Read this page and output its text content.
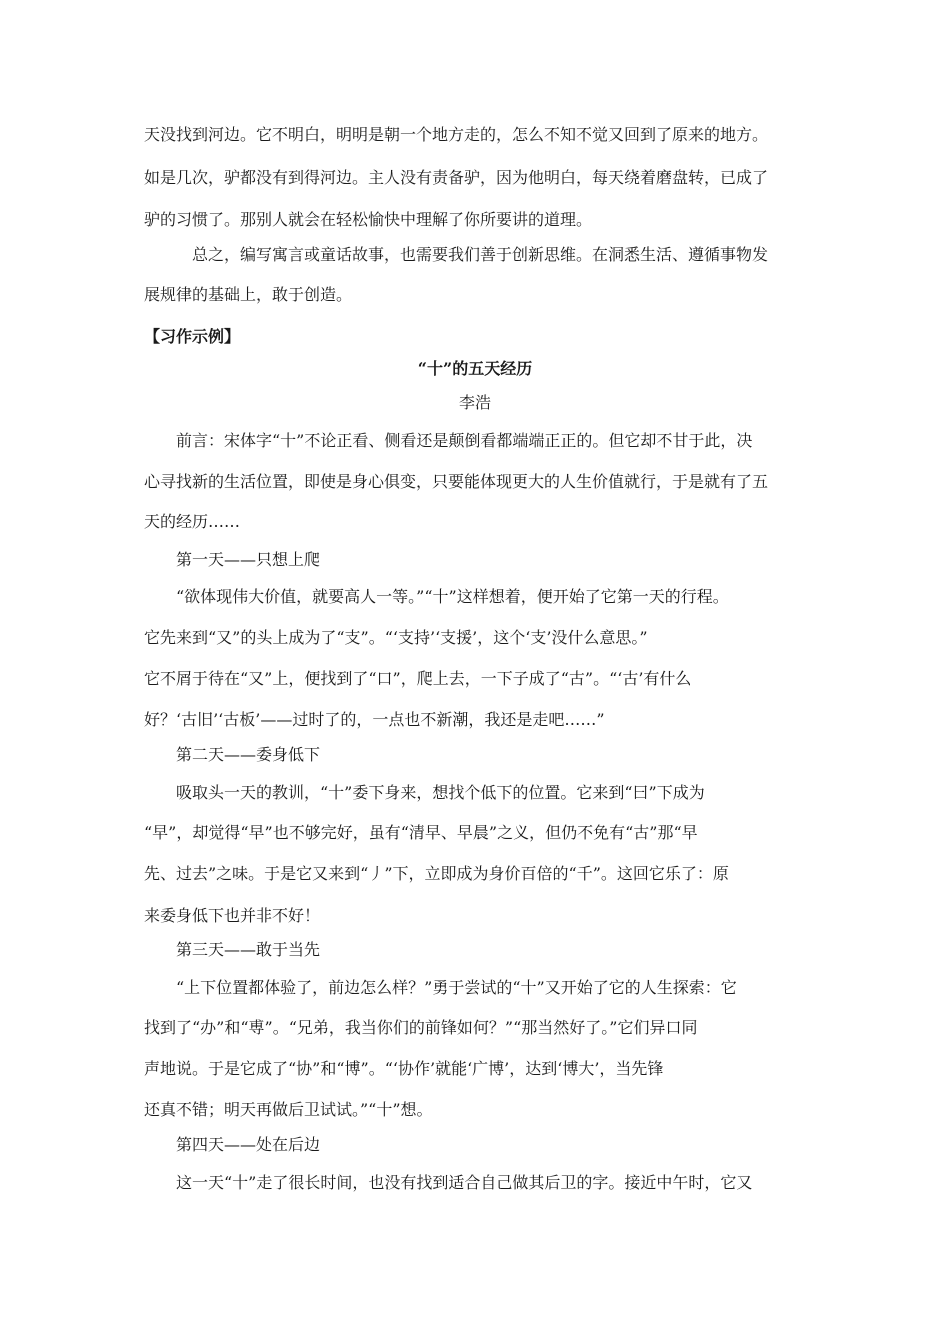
天没找到河边。它不明白，明明是朝一个地方走的，怎么不知不觉又回到了原来的地方。
如是几次，驴都没有到得河边。主人没有责备驴，因为他明白，每天绕着磨盘转，已成了
驴的习惯了。那别人就会在轻松愉快中理解了你所要讲的道理。
总之，编写寓言或童话故事，也需要我们善于创新思维。在洞悉生活、遵循事物发
展规律的基础上，敢于创造。
【习作示例】
“十”的五天经历
李浩
前言：宋体字“十”不论正看、侧看还是颠倒看都端端正正的。但它却不甘于此，决
心寻找新的生活位置，即使是身心俱变，只要能体现更大的人生价值就行，于是就有了五
天的经历……
第一天——只想上爬
“欲体现伟大价值，就要高人一等。”“十”这样想着，便开始了它第一天的行程。
它先来到“又”的头上成为了“支”。“‘支持’‘支援’，这个‘支’没什么意思。”
它不屑于待在“又”上，便找到了“口”，爬上去，一下子成了“古”。“‘古’有什么
好？‘古旧’‘古板’——过时了的，一点也不新潮，我还是走吧……”
第二天——委身低下
吸取头一天的教训，“十”委下身来，想找个低下的位置。它来到“曰”下成为
“早”，却觉得“早”也不够完好，虽有“清早、早晨”之义，但仍不免有“古”那“早
先、过去”之味。于是它又来到“丿”下，立即成为身价百倍的“千”。这回它乐了：原
来委身低下也并非不好！
第三天——敢于当先
“上下位置都体验了，前边怎么样？”勇于尝试的“十”又开始了它的人生探索：它
找到了“办”和“尃”。“兄弟，我当你们的前锋如何？”“那当然好了。”它们异口同
声地说。于是它成了“协”和“博”。“‘协作’就能‘广博’，达到‘博大’，当先锋
还真不错；明天再做后卫试试。”“十”想。
第四天——处在后边
这一天“十”走了很长时间，也没有找到适合自己做其后卫的字。接近中午时，它又
